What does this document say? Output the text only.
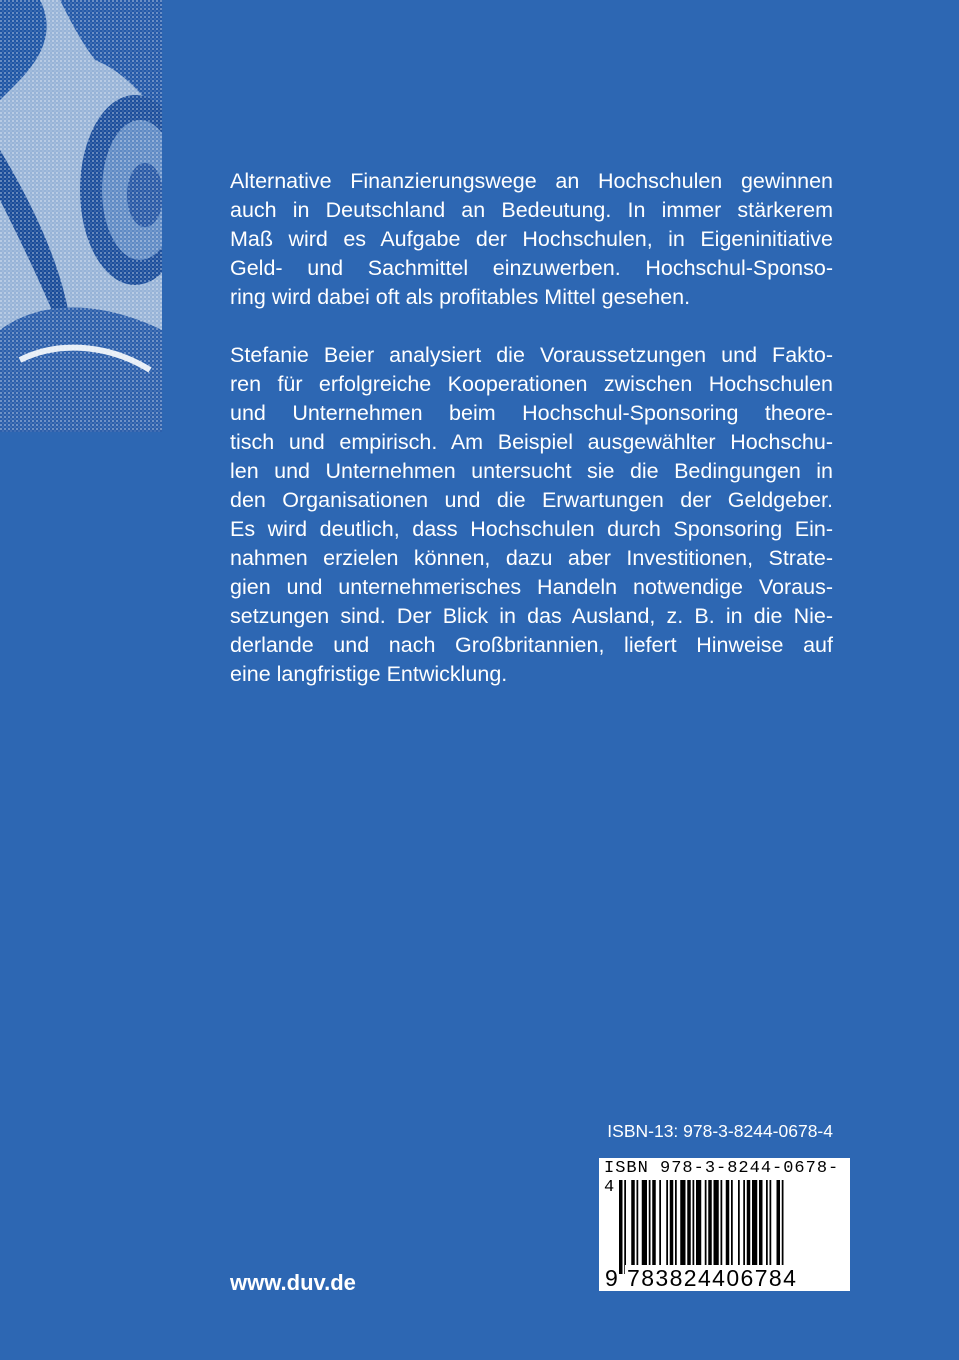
Alternative Finanzierungswege an Hochschulen gewinnen
auch in Deutschland an Bedeutung. In immer stärkerem
Maß wird es Aufgabe der Hochschulen, in Eigeninitiative
Geld- und Sachmittel einzuwerben. Hochschul-Sponso-
ring wird dabei oft als profitables Mittel gesehen.

Stefanie Beier analysiert die Voraussetzungen und Fakto-
ren für erfolgreiche Kooperationen zwischen Hochschulen
und Unternehmen beim Hochschul-Sponsoring theore-
tisch und empirisch. Am Beispiel ausgewählter Hochschu-
len und Unternehmen untersucht sie die Bedingungen in
den Organisationen und die Erwartungen der Geldgeber.
Es wird deutlich, dass Hochschulen durch Sponsoring Ein-
nahmen erzielen können, dazu aber Investitionen, Strate-
gien und unternehmerisches Handeln notwendige Voraus-
setzungen sind. Der Blick in das Ausland, z. B. in die Nie-
derlande und nach Großbritannien, liefert Hinweise auf
eine langfristige Entwicklung.

ISBN-13: 978-3-8244-0678-4
ISBN 978-3-8244-0678-4
9 783824406784
www.duv.de
